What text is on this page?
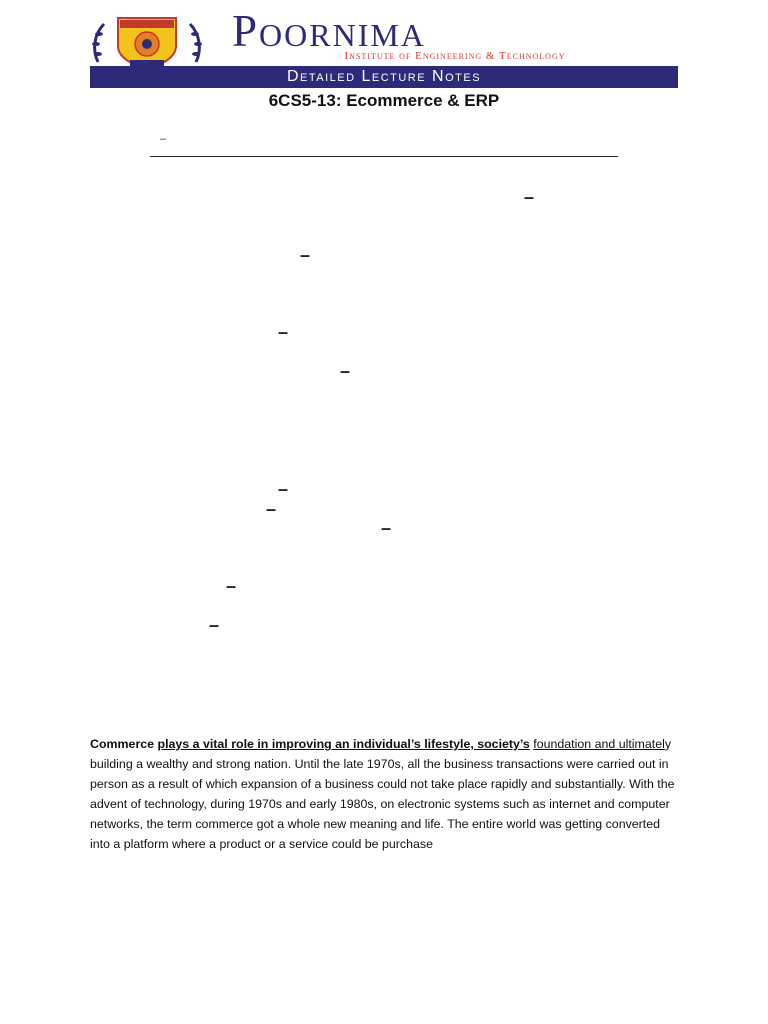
Poornima
Institute of Engineering & Technology
Detailed Lecture Notes
6CS5-13: Ecommerce & ERP
–
–
–
–
–
–
–
–
–
–
Commerce plays a vital role in improving an individual’s lifestyle, society’s foundation and ultimately building a wealthy and strong nation. Until the late 1970s, all the business transactions were carried out in person as a result of which expansion of a business could not take place rapidly and substantially. With the advent of technology, during 1970s and early 1980s, on electronic systems such as internet and computer networks, the term commerce got a whole new meaning and life. The entire world was getting converted into a platform where a product or a service could be purchase
